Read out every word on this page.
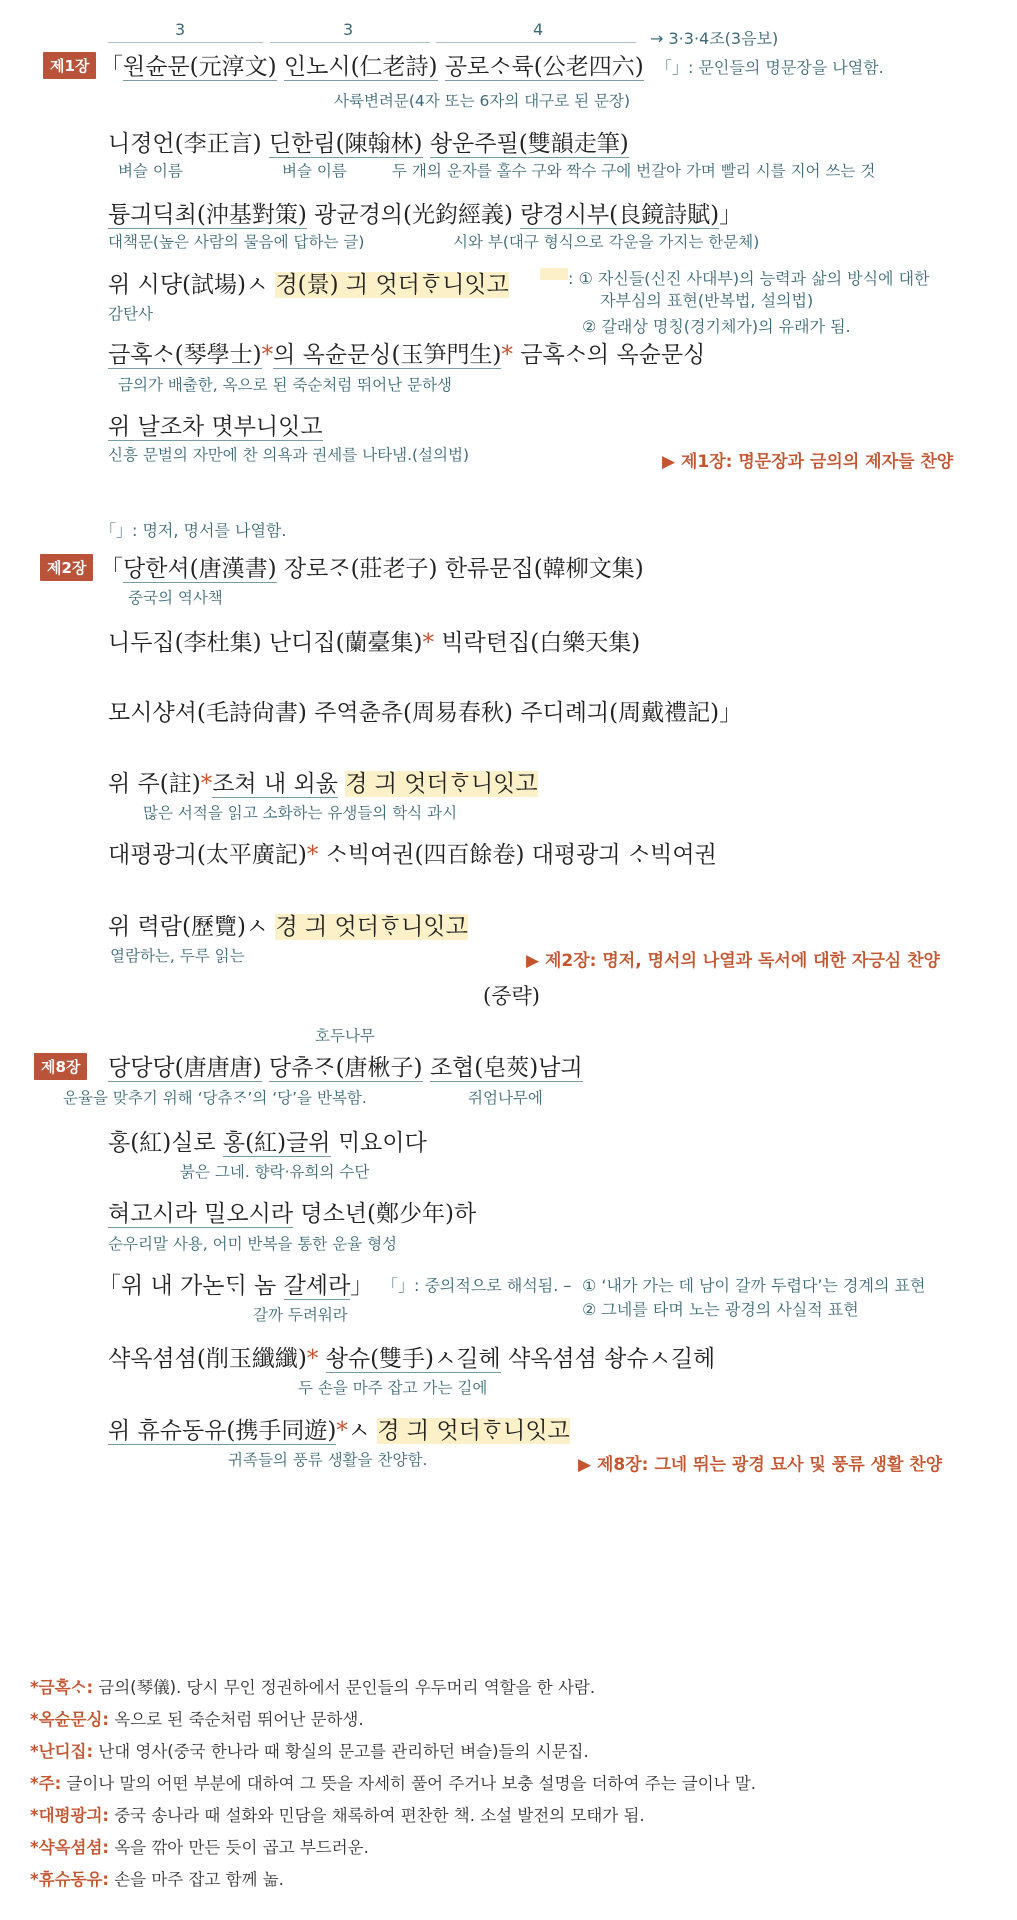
3	3	4	→ 3·3·4조(3음보)
제1장 「원슌문(元淳文) 인노시(仁老詩) 공로ᄉᆞ륙(公老四六) 「」: 문인들의 명문장을 나열함.
사륙변려문(4자 또는 6자의 대구로 된 문장)
니졍언(李正言) 딘한림(陳翰林) 솽운주필(雙韻走筆)
벼슬 이름	벼슬 이름	두 개의 운자를 홀수 구와 짝수 구에 번갈아 가며 빨리 시를 지어 쓰는 것
튱긔딕최(沖基對策) 광균경의(光鈞經義) 량경시부(良鏡詩賦)」
대책문(높은 사람의 물음에 답하는 글)	시와 부(대구 형식으로 각운을 가지는 한문체)
위 시댱(試場)ㅅ 경(景) 긔 엇더ᄒᆞ니잇고	: ① 자신들(신진 사대부)의 능력과 삶의 방식에 대한
자부심의 표현(반복법, 설의법)
② 갈래상 명칭(경기체가)의 유래가 됨.
감탄사
금혹ᄉᆞ(琴學士)*의 옥슌문싱(玉笋門生)* 금혹ᄉᆞ의 옥슌문싱
금의가 배출한, 옥으로 된 죽순처럼 뛰어난 문하생
위 날조차 몃부니잇고
신흥 문벌의 자만에 찬 의욕과 권세를 나타냄.(설의법)	▶ 제1장: 명문장과 금의의 제자들 찬양
「」: 명저, 명서를 나열함.
제2장 「당한셔(唐漢書) 장로ᄌᆞ(莊老子) 한류문집(韓柳文集)
중국의 역사책
니두집(李杜集) 난디집(蘭臺集)* 빅락텬집(白樂天集)
모시샹셔(毛詩尙書) 주역츈츄(周易春秋) 주디례긔(周戴禮記)」
위 주(註)*조쳐 내 외옰 경 긔 엇더ᄒᆞ니잇고
많은 서적을 읽고 소화하는 유생들의 학식 과시
대평광긔(太平廣記)* ᄉᆞ빅여권(四百餘卷) 대평광긔 ᄉᆞ빅여권
위 력람(歷覽)ㅅ 경 긔 엇더ᄒᆞ니잇고
열람하는, 두루 읽는	▶ 제2장: 명저, 명서의 나열과 독서에 대한 자긍심 찬양
(중략)
호두나무
제8장	당당당(唐唐唐) 당츄ᄌᆞ(唐楸子) 조협(皂莢)남긔
운율을 맞추기 위해 ‘당츄ᄌᆞ’의 ‘당’을 반복함.	쥐엄나무에
홍(紅)실로 홍(紅)글위 ᄆᆡ요이다
붉은 그네. 향락·유희의 수단
혀고시라 밀오시라 뎡소년(鄭少年)하
순우리말 사용, 어미 반복을 통한 운율 형성
「위 내 가논ᄃᆡ 놈 갈셰라」
갈까 두려워라
「」: 중의적으로 해석됨. – ① ‘내가 가는 데 남이 갈까 두렵다’는 경계의 표현
② 그네를 타며 노는 광경의 사실적 표현
샥옥셤셤(削玉纖纖)* 솽슈(雙手)ㅅ길헤 샥옥셤셤 솽슈ㅅ길헤
두 손을 마주 잡고 가는 길에
위 휴슈동유(携手同遊)*ㅅ 경 긔 엇더ᄒᆞ니잇고
귀족들의 풍류 생활을 찬양함.	▶ 제8장: 그네 뛰는 광경 묘사 및 풍류 생활 찬양
*금혹ᄉᆞ: 금의(琴儀). 당시 무인 정권하에서 문인들의 우두머리 역할을 한 사람.
*옥슌문싱: 옥으로 된 죽순처럼 뛰어난 문하생.
*난디집: 난대 영사(중국 한나라 때 황실의 문고를 관리하던 벼슬)들의 시문집.
*주: 글이나 말의 어떤 부분에 대하여 그 뜻을 자세히 풀어 주거나 보충 설명을 더하여 주는 글이나 말.
*대평광긔: 중국 송나라 때 설화와 민담을 채록하여 편찬한 책. 소설 발전의 모태가 됨.
*샥옥셤셤: 옥을 깎아 만든 듯이 곱고 부드러운.
*휴슈동유: 손을 마주 잡고 함께 놂.
